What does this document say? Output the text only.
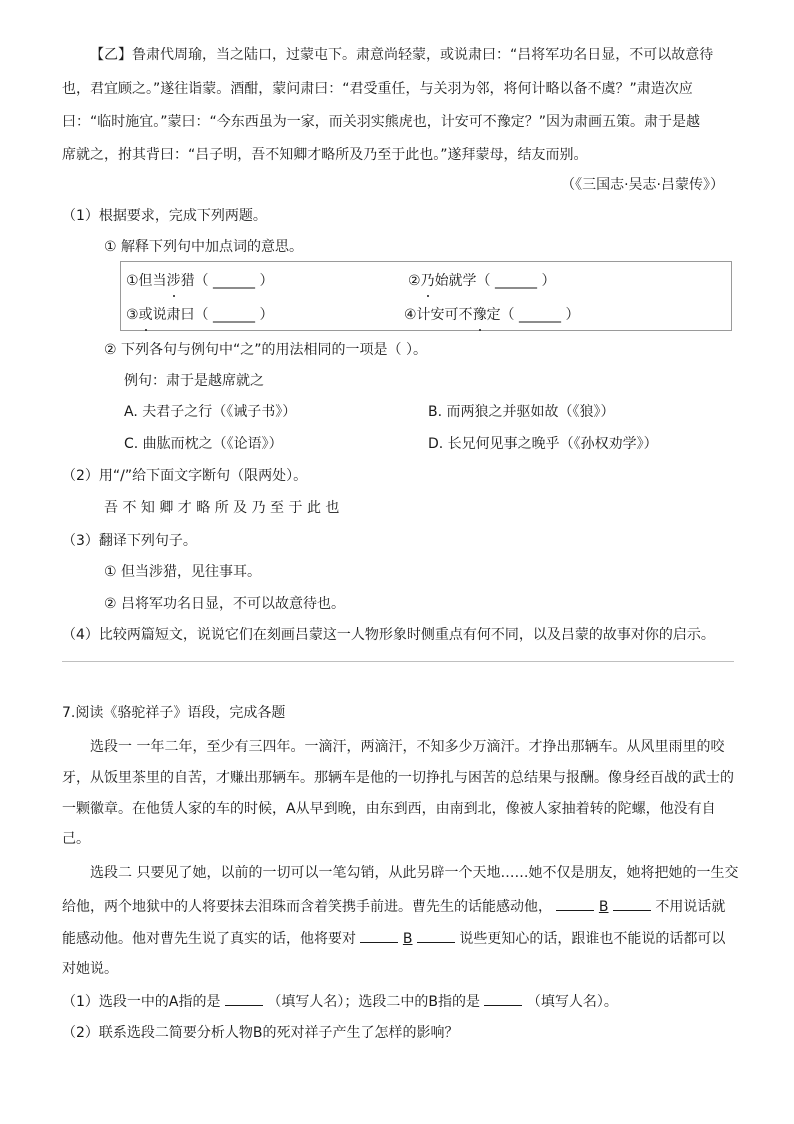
【乙】鲁肃代周瑜，当之陆口，过蒙屯下。肃意尚轻蒙，或说肃曰：“吕将军功名日显，不可以故意待
也，君宜顾之。”遂往诣蒙。酒酣，蒙问肃曰：“君受重任，与关羽为邻，将何计略以备不虞？”肃造次应
曰：“临时施宜。”蒙曰：“今东西虽为一家，而关羽实熊虎也，计安可不豫定？”因为肃画五策。肃于是越
席就之，拊其背曰：“吕子明，吾不知卿才略所及乃至于此也。”遂拜蒙母，结友而别。
（《三国志·吴志·吕蒙传》）
（1）根据要求，完成下列两题。
① 解释下列句中加点词的意思。
①但当涉猎（ ______ ）	②乃始就学（ ______ ）
③或说肃曰（ ______ ）	④计安可不豫定（ ______ ）
② 下列各句与例句中“之”的用法相同的一项是（ ）。
例句：肃于是越席就之
A. 夫君子之行（《诫子书》）	B. 而两狼之并驱如故（《狼》）
C. 曲肱而枕之（《论语》）	D. 长兄何见事之晚乎（《孙权劝学》）
（2）用“/”给下面文字断句（限两处）。
吾 不 知 卿 才 略 所 及 乃 至 于 此 也
（3）翻译下列句子。
① 但当涉猎，见往事耳。
② 吕将军功名日显，不可以故意待也。
（4）比较两篇短文，说说它们在刻画吕蒙这一人物形象时侧重点有何不同，以及吕蒙的故事对你的启示。
7.阅读《骆驼祥子》语段，完成各题
选段一 一年二年，至少有三四年。一滴汗，两滴汗，不知多少万滴汗。才挣出那辆车。从风里雨里的咬
牙，从饭里茶里的自苦，才赚出那辆车。那辆车是他的一切挣扎与困苦的总结果与报酬。像身经百战的武士的
一颗徽章。在他赁人家的车的时候，A从早到晚，由东到西，由南到北，像被人家抽着转的陀螺，他没有自
己。
选段二 只要见了她，以前的一切可以一笔勾销，从此另辟一个天地……她不仅是朋友，她将把她的一生交
给他，两个地狱中的人将要抹去泪珠而含着笑携手前进。曹先生的话能感动他，	B	不用说话就
能感动他。他对曹先生说了真实的话，他将要对	B	说些更知心的话，跟谁也不能说的话都可以
对她说。
（1）选段一中的A指的是	（填写人名）；选段二中的B指的是	（填写人名）。
（2）联系选段二简要分析人物B的死对祥子产生了怎样的影响？
